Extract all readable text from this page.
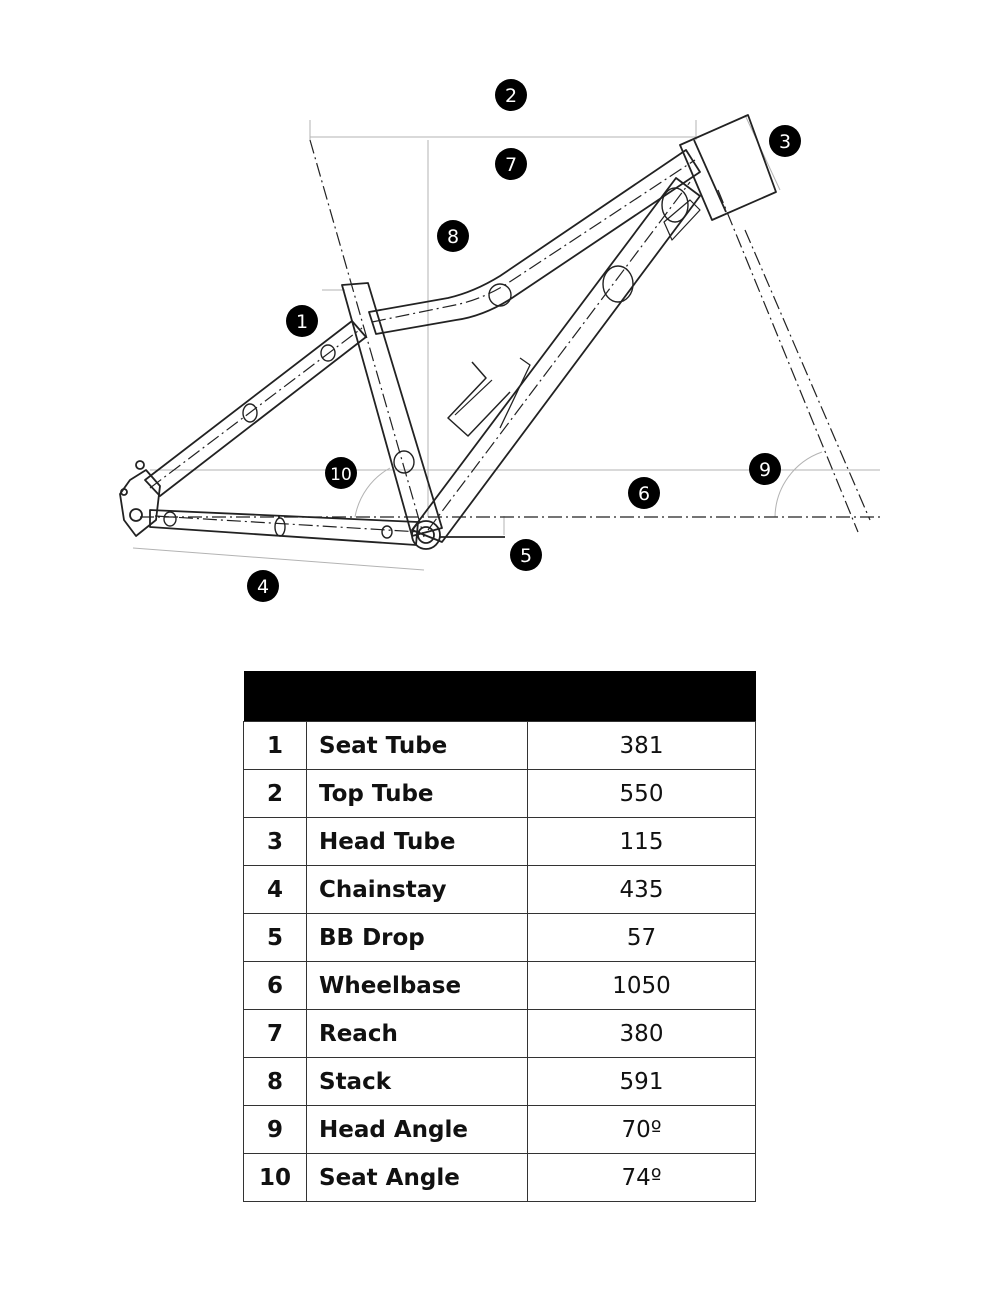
1
2
3
4
5
6
7
8
9
10

1	Seat Tube	381
2	Top Tube	550
3	Head Tube	115
4	Chainstay	435
5	BB Drop	57
6	Wheelbase	1050
7	Reach	380
8	Stack	591
9	Head Angle	70º
10	Seat Angle	74º
